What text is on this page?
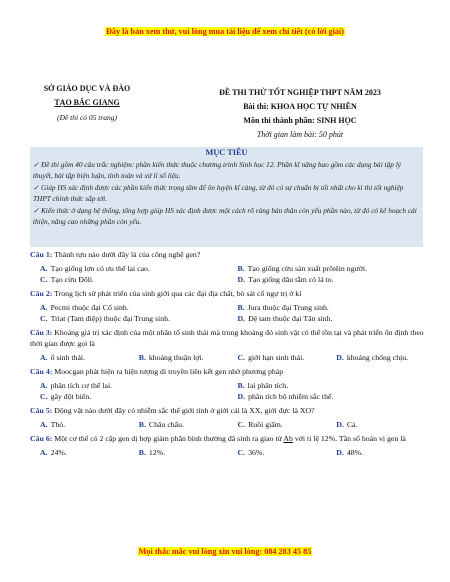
Đây là bản xem thử, vui lòng mua tài liệu để xem chi tiết (có lời giải)
SỞ GIÁO DỤC VÀ ĐÀO
TẠO BẮC GIANG
(Đề thi có 05 trang)
ĐỀ THI THỬ TỐT NGHIỆP THPT NĂM 2023
Bài thi: KHOA HỌC TỰ NHIÊN
Môn thi thành phần: SINH HỌC
Thời gian làm bài: 50 phút
MỤC TIÊU

✓ Đề thi gồm 40 câu trắc nghiệm: phần kiến thức thuộc chương trình Sinh học 12. Phần kĩ năng bao gồm các dạng bài tập lý thuyết, bài tập biện luận, tính toán và xử lí số liệu.

✓ Giúp HS xác định được các phần kiến thức trọng tâm để ôn luyện kĩ càng, từ đó có sự chuẩn bị tốt nhất cho kì thi tốt nghiệp THPT chính thức sắp tới.

✓ Kiến thức ở dạng hệ thống, tổng hợp giúp HS xác định được một cách rõ ràng bản thân còn yếu phần nào, từ đó có kế hoạch cải thiện, nâng cao những phần còn yếu.

Câu 1: Thành tựu nào dưới đây là của công nghệ gen?

A. Tạo giống lợn có ưu thế lai cao.	B. Tạo giống cừu sản xuất prôtêin người.
C. Tạo cừu Đôli.	D. Tạo giống dâu tằm có lá to.

Câu 2: Trong lịch sử phát triển của sinh giới qua các đại địa chất, bò sát cổ ngự trị ở kỉ

A. Pecmi thuộc đại Cổ sinh.	B. Jura thuộc đại Trung sinh.
C. Triat (Tam điệp) thuộc đại Trung sinh.	D. Đệ tam thuộc đại Tân sinh.

Câu 3: Khoảng giá trị xác định của một nhân tố sinh thái mà trong khoảng đó sinh vật có thể tồn tại và phát triển ổn định theo thời gian được gọi là

A. ổ sinh thái.	B. khoảng thuận lợi.	C. giới hạn sinh thái.	D. khoảng chống chịu.

Câu 4: Moocgan phát hiện ra hiện tượng di truyền liên kết gen nhờ phương pháp

A. phân tích cơ thể lai.	B. lai phân tích.
C. gây đột biến.	D. phân tích bộ nhiễm sắc thể.

Câu 5: Động vật nào dưới đây có nhiễm sắc thể giới tính ở giới cái là XX, giới đực là XO?

A. Thỏ.	B. Châu chấu.	C. Ruồi giấm.	D. Cá.

Câu 6: Một cơ thể có 2 cặp gen dị hợp giảm phân bình thường đã sinh ra giao tử Ab với tỉ lệ 12%. Tần số hoán vị gen là

A. 24%.	B. 12%.	C. 36%.	D. 48%.
Mọi thắc mắc vui lòng xin vui lòng: 084 283 45 85
